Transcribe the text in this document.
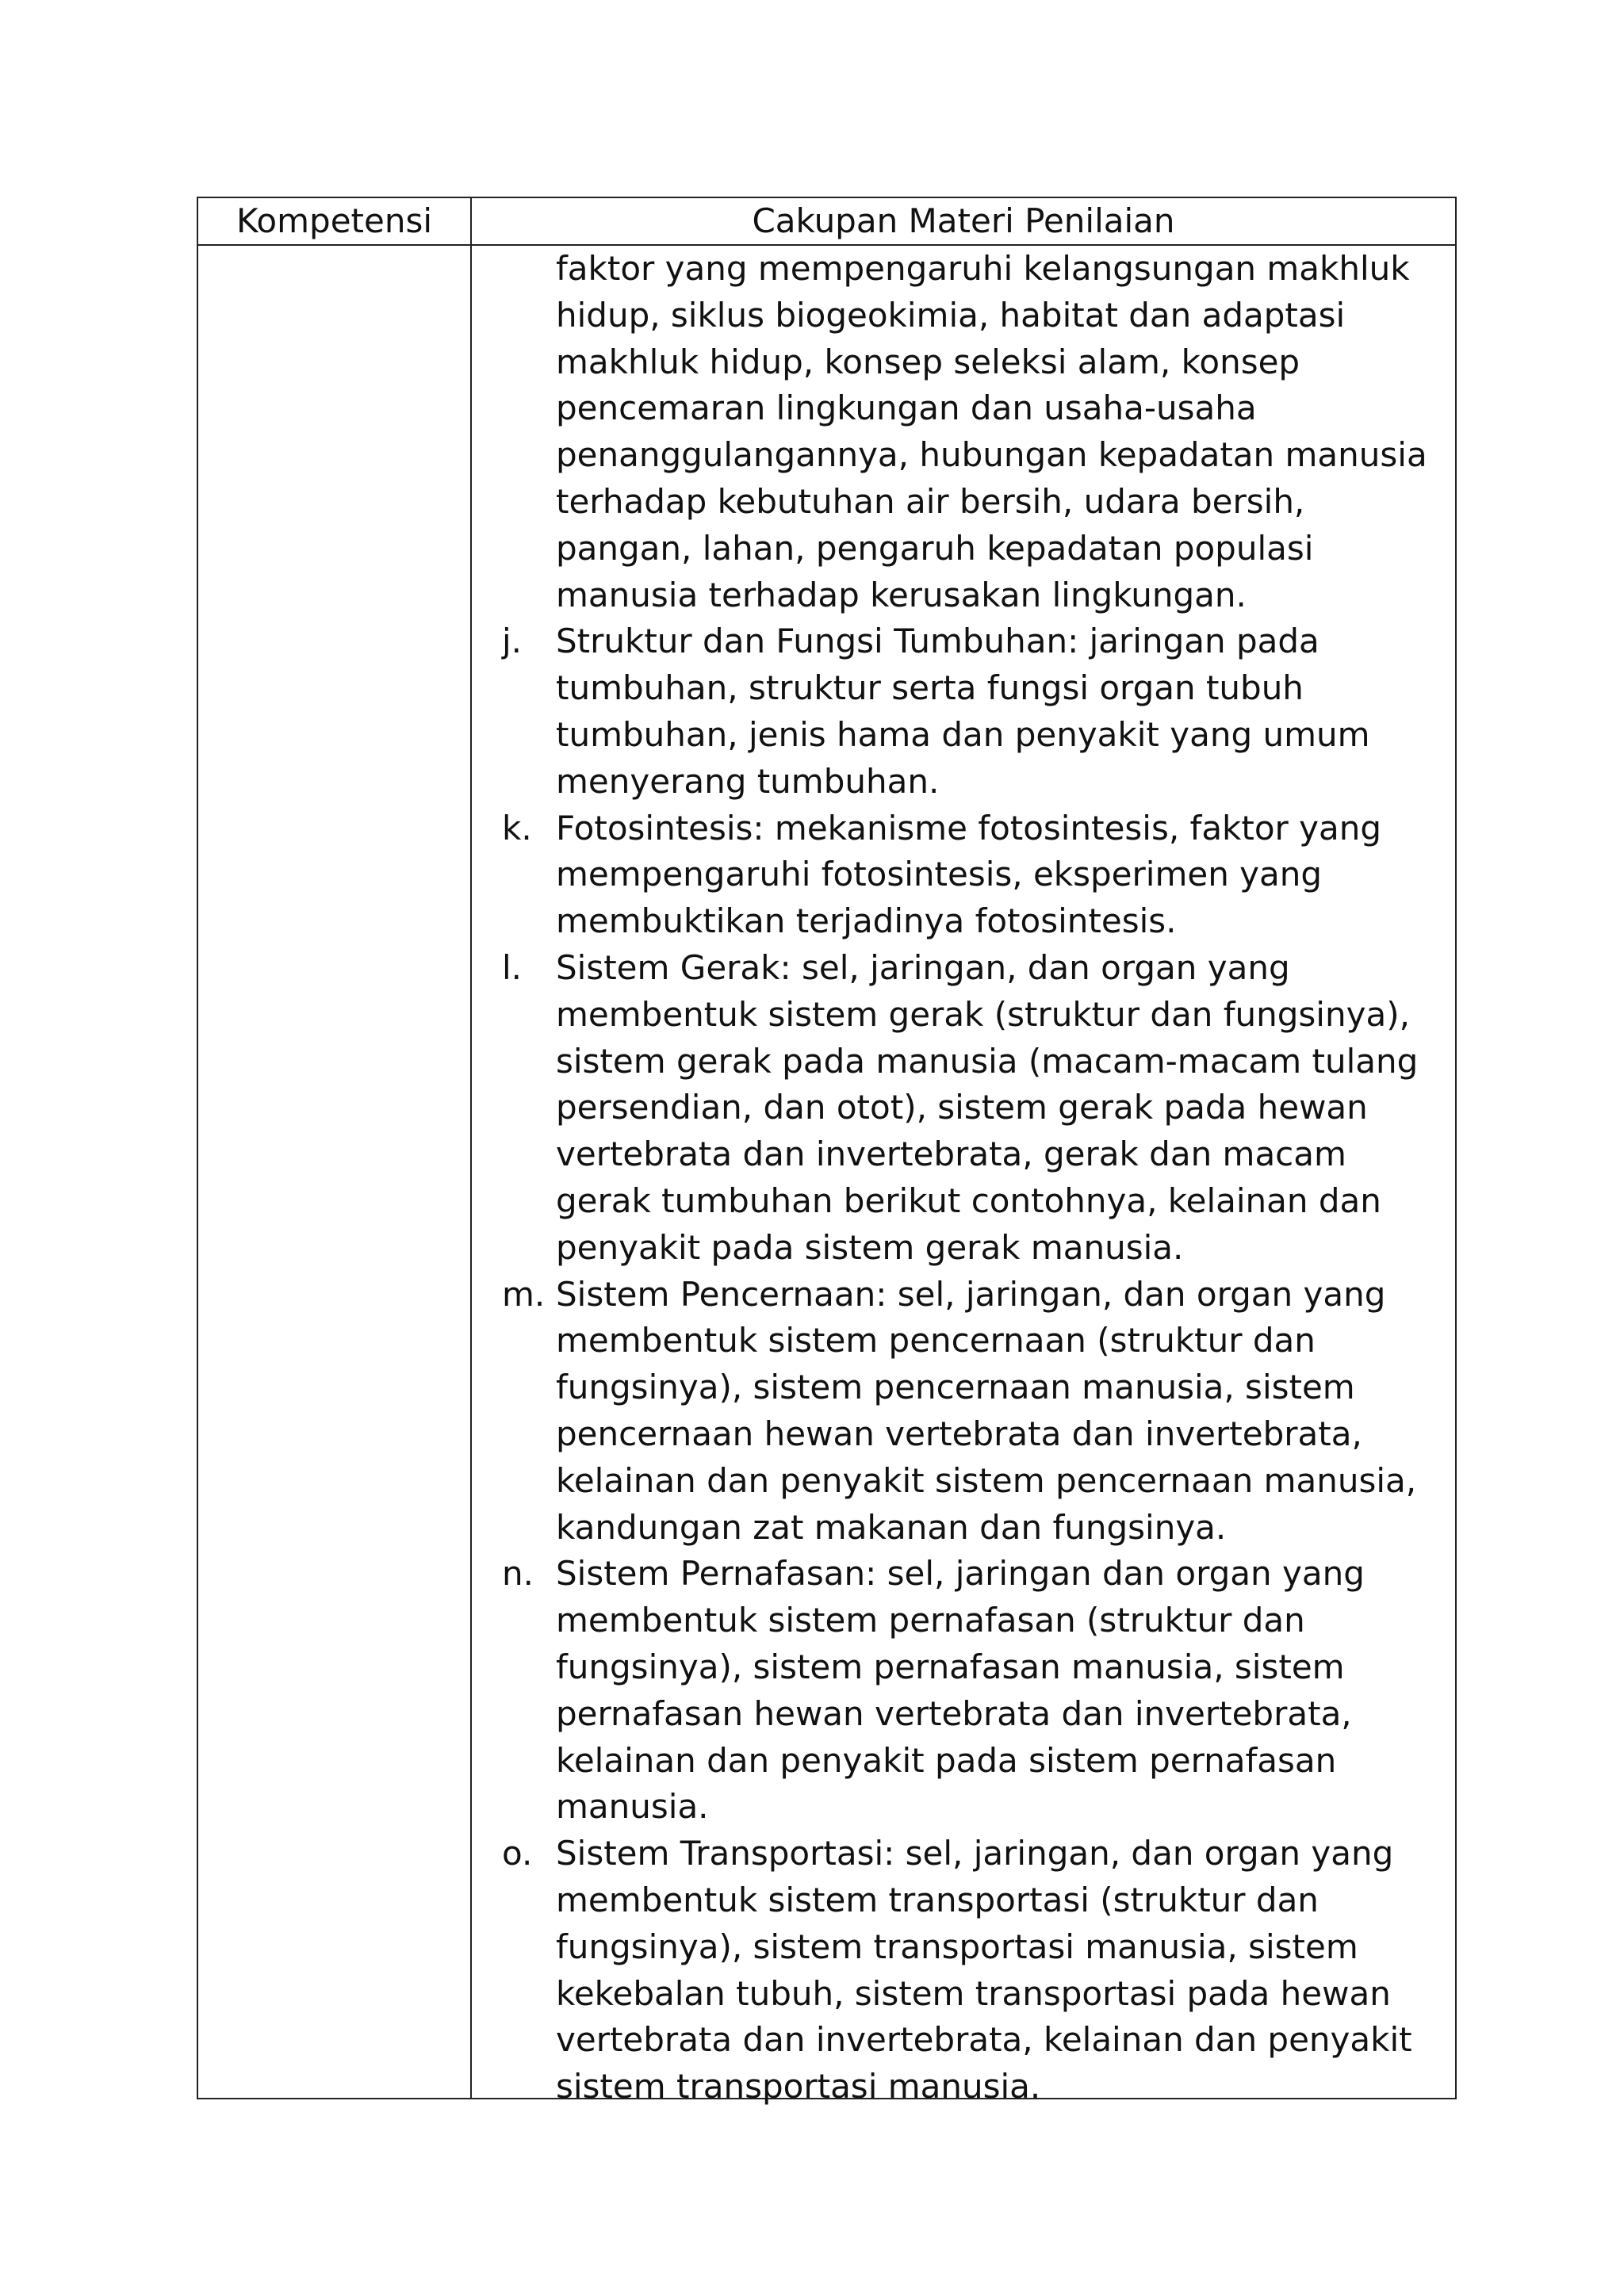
Kompetensi	Cakupan Materi Penilaian
faktor yang mempengaruhi kelangsungan makhluk
hidup, siklus biogeokimia, habitat dan adaptasi
makhluk hidup, konsep seleksi alam, konsep
pencemaran lingkungan dan usaha-usaha
penanggulangannya, hubungan kepadatan manusia
terhadap kebutuhan air bersih, udara bersih,
pangan, lahan, pengaruh kepadatan populasi
manusia terhadap kerusakan lingkungan.
j.	Struktur dan Fungsi Tumbuhan: jaringan pada
tumbuhan, struktur serta fungsi organ tubuh
tumbuhan, jenis hama dan penyakit yang umum
menyerang tumbuhan.
k. Fotosintesis: mekanisme fotosintesis, faktor yang
mempengaruhi fotosintesis, eksperimen yang
membuktikan terjadinya fotosintesis.
l.	Sistem Gerak: sel, jaringan, dan organ yang
membentuk sistem gerak (struktur dan fungsinya),
sistem gerak pada manusia (macam-macam tulang
persendian, dan otot), sistem gerak pada hewan
vertebrata dan invertebrata, gerak dan macam
gerak tumbuhan berikut contohnya, kelainan dan
penyakit pada sistem gerak manusia.
m. Sistem Pencernaan: sel, jaringan, dan organ yang
membentuk sistem pencernaan (struktur dan
fungsinya), sistem pencernaan manusia, sistem
pencernaan hewan vertebrata dan invertebrata,
kelainan dan penyakit sistem pencernaan manusia,
kandungan zat makanan dan fungsinya.
n. Sistem Pernafasan: sel, jaringan dan organ yang
membentuk sistem pernafasan (struktur dan
fungsinya), sistem pernafasan manusia, sistem
pernafasan hewan vertebrata dan invertebrata,
kelainan dan penyakit pada sistem pernafasan
manusia.
o. Sistem Transportasi: sel, jaringan, dan organ yang
membentuk sistem transportasi (struktur dan
fungsinya), sistem transportasi manusia, sistem
kekebalan tubuh, sistem transportasi pada hewan
vertebrata dan invertebrata, kelainan dan penyakit
sistem transportasi manusia.
